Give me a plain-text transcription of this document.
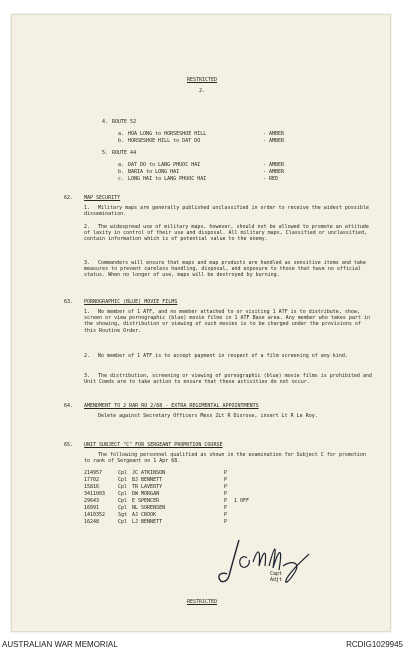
RESTRICTED
2.
4. ROUTE 52
a. HOA LONG to HORSESHOE HILL	- AMBER
b. HORSESHOE HILL to DAT DO	- AMBER
5. ROUTE 44
a. DAT DO to LANG PHUOC HAI	- AMBER
b. BARIA to LONG HAI	- AMBER
c. LONG HAI to LANG PHUOC HAI	- RED
62. MAP SECURITY
1. Military maps are generally published unclassified in order to receive the widest possible dissemination.
2. The widespread use of military maps, however, should not be allowed to promote an attitude of laxity in control of their use and disposal. All military maps, Classified or unclassified, contain information which is of potential value to the enemy.
3. Commanders will ensure that maps and map products are handled as sensitive items and take measures to prevent careless handling, disposal, and exposure to those that have no official status. When no longer of use, maps will be destroyed by burning.
63. PORNOGRAPHIC (BLUE) MOVIE FILMS
1. No member of 1 ATF, and no member attached to or visiting 1 ATF is to distribute, show, screen or view pornographic (blue) movie films in 1 ATF Base area. Any member who takes part in the showing, distribution or viewing of such movies is to be charged under the provisions of this Routine Order.
2. No member of 1 ATF is to accept payment in respect of a film screening of any kind.
3. The distribution, screening or viewing of pornographic (blue) movie films is prohibited and Unit Comds are to take action to ensure that these activities do not occur.
64. AMENDMENT TO 2 RAR RO 2/68 - EXTRA REGIMENTAL APPOINTMENTS
Delete against Secretary Officers Mess 2Lt R Disrose, insert Lt R Le Roy.
65. UNIT SUBJECT "C" FOR SERGEANT PROMOTION COURSE
The following personnel qualified as shown in the examination for Subject C for promotion to rank of Sergeant on 1 Apr 68.
214957	Cpl JC ATKINSON	P
17702	Cpl BJ BENNETT	P
15816	Cpl TR LAVERTY	P
3411003	Cpl DW MORGAN	P
29643	Cpl E SPENCER	P 1 OFF
16091	Cpl NL SORENSEN	P
1410352	Sgt AJ CROOK	P
16248	Cpl LJ BENNETT	P
Capt
Adjt
RESTRICTED
AUSTRALIAN WAR MEMORIAL	RCDIG1029945
